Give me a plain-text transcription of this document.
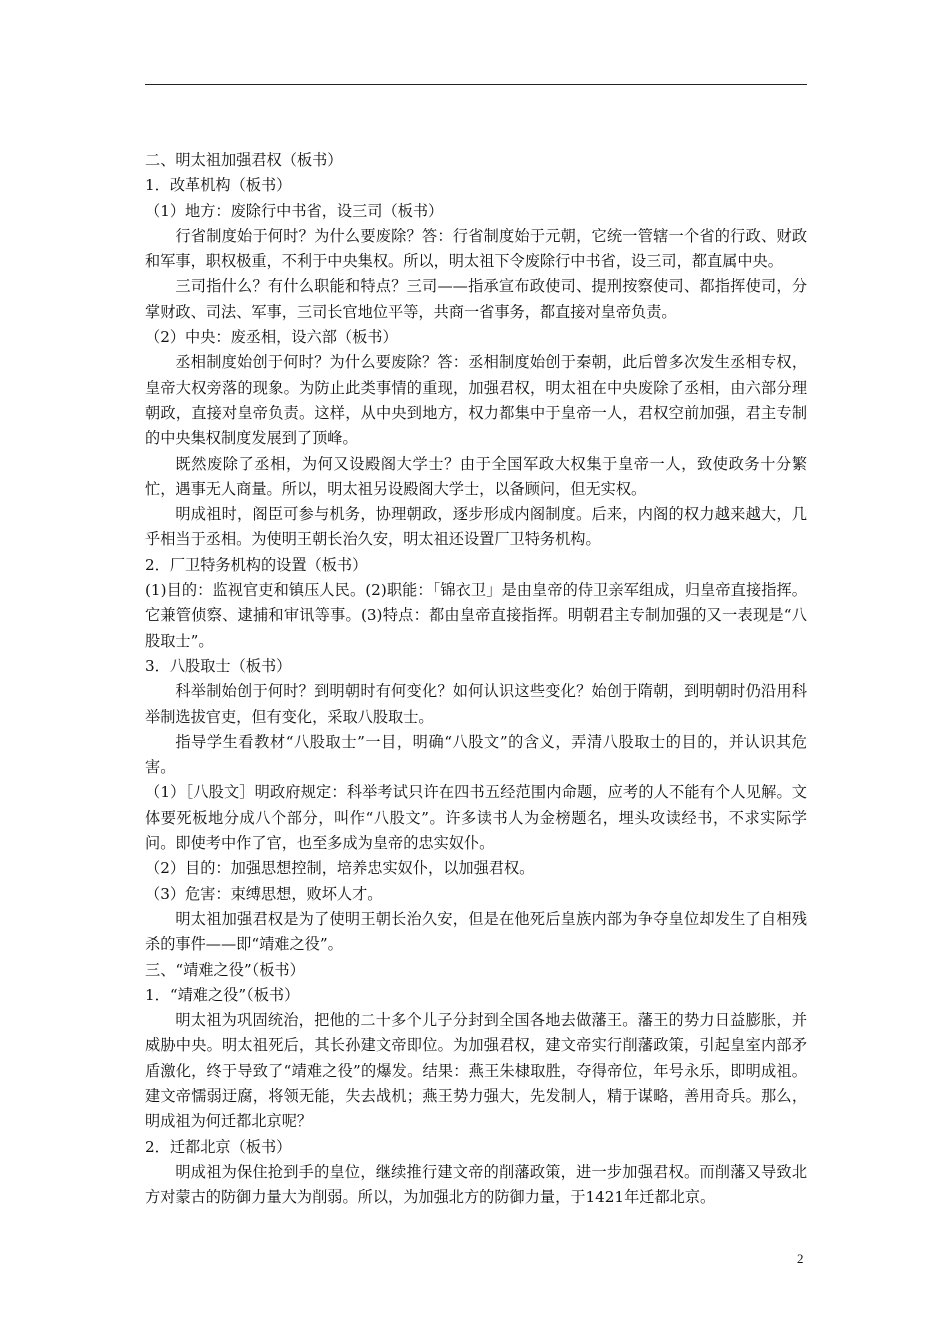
二、明太祖加强君权（板书）

1．改革机构（板书）

（1）地方：废除行中书省，设三司（板书）

行省制度始于何时？为什么要废除？答：行省制度始于元朝，它统一管辖一个省的行政、财政和军事，职权极重，不利于中央集权。所以，明太祖下令废除行中书省，设三司，都直属中央。

三司指什么？有什么职能和特点？三司——指承宣布政使司、提刑按察使司、都指挥使司，分掌财政、司法、军事，三司长官地位平等，共商一省事务，都直接对皇帝负责。

（2）中央：废丞相，设六部（板书）

丞相制度始创于何时？为什么要废除？答：丞相制度始创于秦朝，此后曾多次发生丞相专权，皇帝大权旁落的现象。为防止此类事情的重现，加强君权，明太祖在中央废除了丞相，由六部分理朝政，直接对皇帝负责。这样，从中央到地方，权力都集中于皇帝一人，君权空前加强，君主专制的中央集权制度发展到了顶峰。

既然废除了丞相，为何又设殿阁大学士？由于全国军政大权集于皇帝一人，致使政务十分繁忙，遇事无人商量。所以，明太祖另设殿阁大学士，以备顾问，但无实权。

明成祖时，阁臣可参与机务，协理朝政，逐步形成内阁制度。后来，内阁的权力越来越大，几乎相当于丞相。为使明王朝长治久安，明太祖还设置厂卫特务机构。

2．厂卫特务机构的设置（板书）

(1)目的：监视官吏和镇压人民。(2)职能：「锦衣卫」是由皇帝的侍卫亲军组成，归皇帝直接指挥。它兼管侦察、逮捕和审讯等事。(3)特点：都由皇帝直接指挥。明朝君主专制加强的又一表现是“八股取士”。

3．八股取士（板书）

科举制始创于何时？到明朝时有何变化？如何认识这些变化？始创于隋朝，到明朝时仍沿用科举制选拔官吏，但有变化，采取八股取士。

指导学生看教材“八股取士”一目，明确“八股文”的含义，弄清八股取士的目的，并认识其危害。

（1）［八股文］明政府规定：科举考试只许在四书五经范围内命题，应考的人不能有个人见解。文体要死板地分成八个部分，叫作“八股文”。许多读书人为金榜题名，埋头攻读经书，不求实际学问。即使考中作了官，也至多成为皇帝的忠实奴仆。

（2）目的：加强思想控制，培养忠实奴仆，以加强君权。

（3）危害：束缚思想，败坏人才。

明太祖加强君权是为了使明王朝长治久安，但是在他死后皇族内部为争夺皇位却发生了自相残杀的事件——即“靖难之役”。

三、“靖难之役”（板书）

1．“靖难之役”（板书）

明太祖为巩固统治，把他的二十多个儿子分封到全国各地去做藩王。藩王的势力日益膨胀，并威胁中央。明太祖死后，其长孙建文帝即位。为加强君权，建文帝实行削藩政策，引起皇室内部矛盾激化，终于导致了“靖难之役”的爆发。结果：燕王朱棣取胜，夺得帝位，年号永乐，即明成祖。建文帝懦弱迂腐，将领无能，失去战机；燕王势力强大，先发制人，精于谋略，善用奇兵。那么，明成祖为何迁都北京呢？

2．迁都北京（板书）

明成祖为保住抢到手的皇位，继续推行建文帝的削藩政策，进一步加强君权。而削藩又导致北方对蒙古的防御力量大为削弱。所以，为加强北方的防御力量，于1421年迁都北京。

2
